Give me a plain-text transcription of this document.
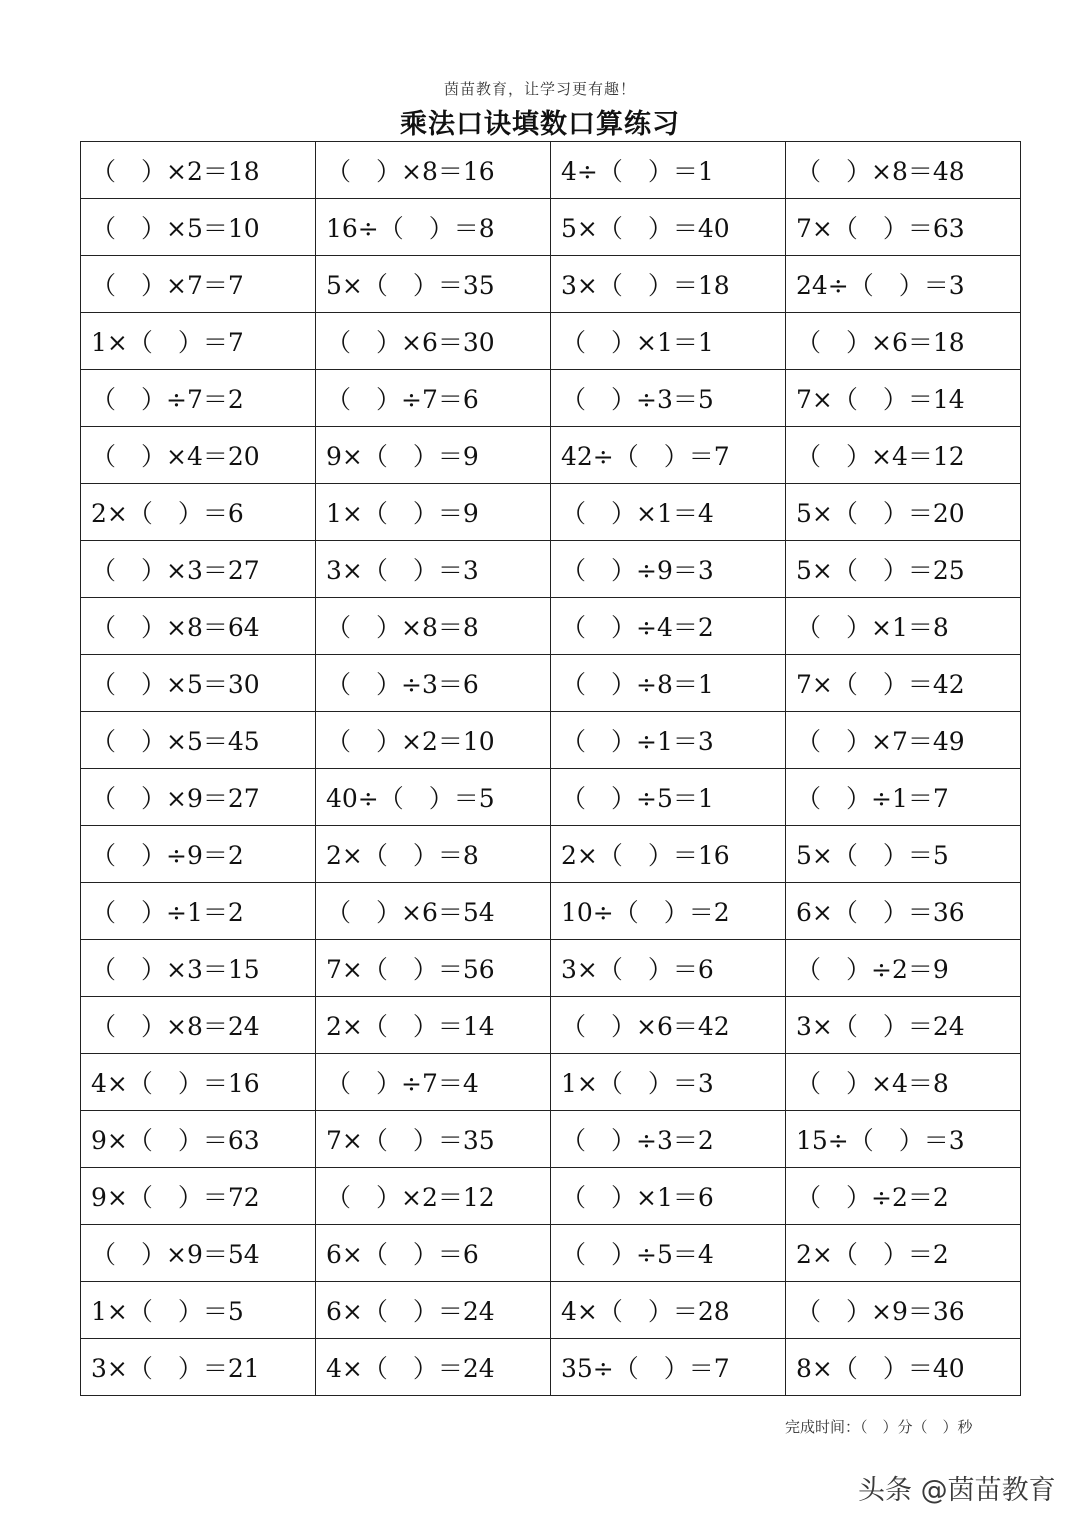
茵苗教育，让学习更有趣！
乘法口诀填数口算练习
（　）×2＝18	（　）×8＝16	4÷（　）＝1	（　）×8＝48
（　）×5＝10	16÷（　）＝8	5×（　）＝40	7×（　）＝63
（　）×7＝7	5×（　）＝35	3×（　）＝18	24÷（　）＝3
1×（　）＝7	（　）×6＝30	（　）×1＝1	（　）×6＝18
（　）÷7＝2	（　）÷7＝6	（　）÷3＝5	7×（　）＝14
（　）×4＝20	9×（　）＝9	42÷（　）＝7	（　）×4＝12
2×（　）＝6	1×（　）＝9	（　）×1＝4	5×（　）＝20
（　）×3＝27	3×（　）＝3	（　）÷9＝3	5×（　）＝25
（　）×8＝64	（　）×8＝8	（　）÷4＝2	（　）×1＝8
（　）×5＝30	（　）÷3＝6	（　）÷8＝1	7×（　）＝42
（　）×5＝45	（　）×2＝10	（　）÷1＝3	（　）×7＝49
（　）×9＝27	40÷（　）＝5	（　）÷5＝1	（　）÷1＝7
（　）÷9＝2	2×（　）＝8	2×（　）＝16	5×（　）＝5
（　）÷1＝2	（　）×6＝54	10÷（　）＝2	6×（　）＝36
（　）×3＝15	7×（　）＝56	3×（　）＝6	（　）÷2＝9
（　）×8＝24	2×（　）＝14	（　）×6＝42	3×（　）＝24
4×（　）＝16	（　）÷7＝4	1×（　）＝3	（　）×4＝8
9×（　）＝63	7×（　）＝35	（　）÷3＝2	15÷（　）＝3
9×（　）＝72	（　）×2＝12	（　）×1＝6	（　）÷2＝2
（　）×9＝54	6×（　）＝6	（　）÷5＝4	2×（　）＝2
1×（　）＝5	6×（　）＝24	4×（　）＝28	（　）×9＝36
3×（　）＝21	4×（　）＝24	35÷（　）＝7	8×（　）＝40
完成时间：（　）分（　）秒
头条 @茵苗教育
